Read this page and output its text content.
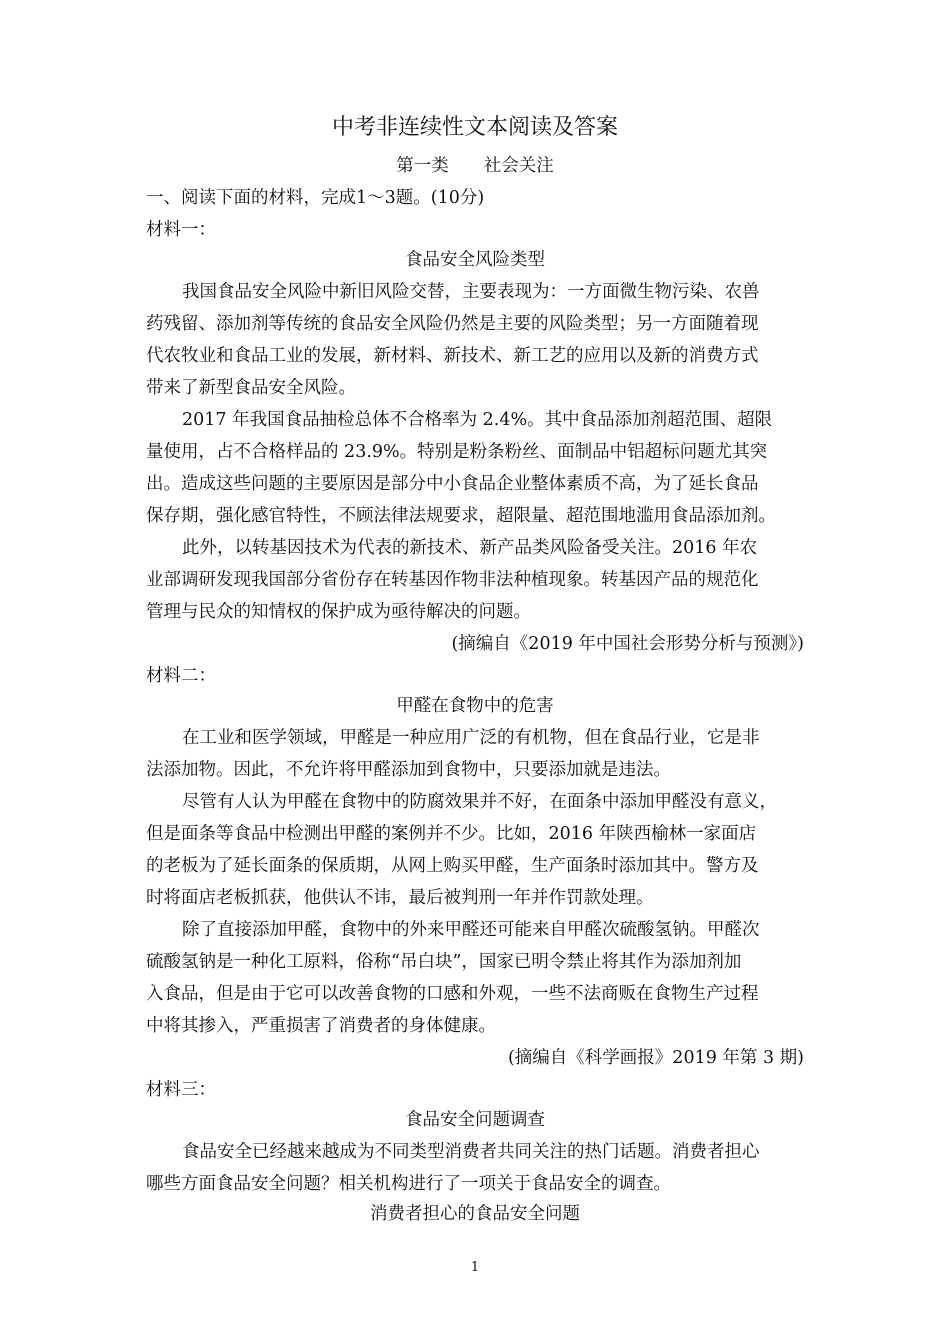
中考非连续性文本阅读及答案
第一类　　社会关注
一、阅读下面的材料，完成1～3题。(10分)
材料一：
食品安全风险类型
我国食品安全风险中新旧风险交替，主要表现为：一方面微生物污染、农兽
药残留、添加剂等传统的食品安全风险仍然是主要的风险类型；另一方面随着现
代农牧业和食品工业的发展，新材料、新技术、新工艺的应用以及新的消费方式
带来了新型食品安全风险。
2017 年我国食品抽检总体不合格率为 2.4%。其中食品添加剂超范围、超限
量使用，占不合格样品的 23.9%。特别是粉条粉丝、面制品中铝超标问题尤其突
出。造成这些问题的主要原因是部分中小食品企业整体素质不高，为了延长食品
保存期，强化感官特性，不顾法律法规要求，超限量、超范围地滥用食品添加剂。
此外，以转基因技术为代表的新技术、新产品类风险备受关注。2016 年农
业部调研发现我国部分省份存在转基因作物非法种植现象。转基因产品的规范化
管理与民众的知情权的保护成为亟待解决的问题。
(摘编自《2019 年中国社会形势分析与预测》)
材料二：
甲醛在食物中的危害
在工业和医学领域，甲醛是一种应用广泛的有机物，但在食品行业，它是非
法添加物。因此，不允许将甲醛添加到食物中，只要添加就是违法。
尽管有人认为甲醛在食物中的防腐效果并不好，在面条中添加甲醛没有意义，
但是面条等食品中检测出甲醛的案例并不少。比如，2016 年陕西榆林一家面店
的老板为了延长面条的保质期，从网上购买甲醛，生产面条时添加其中。警方及
时将面店老板抓获，他供认不讳，最后被判刑一年并作罚款处理。
除了直接添加甲醛，食物中的外来甲醛还可能来自甲醛次硫酸氢钠。甲醛次
硫酸氢钠是一种化工原料，俗称“吊白块”，国家已明令禁止将其作为添加剂加
入食品，但是由于它可以改善食物的口感和外观，一些不法商贩在食物生产过程
中将其掺入，严重损害了消费者的身体健康。
(摘编自《科学画报》2019 年第 3 期)
材料三：
食品安全问题调查
食品安全已经越来越成为不同类型消费者共同关注的热门话题。消费者担心
哪些方面食品安全问题？相关机构进行了一项关于食品安全的调查。
消费者担心的食品安全问题
1
